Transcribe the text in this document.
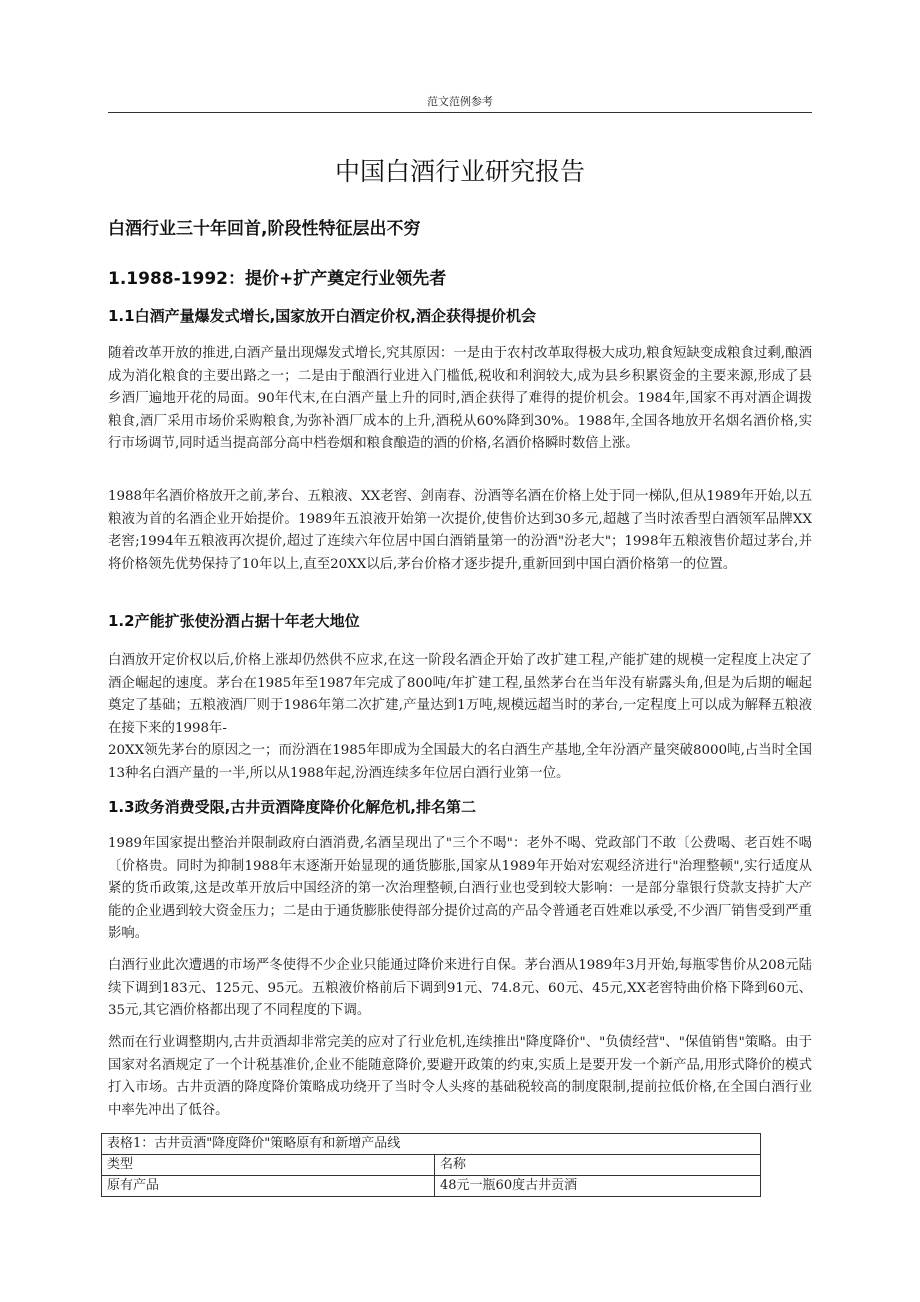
范文范例参考
中国白酒行业研究报告
白酒行业三十年回首,阶段性特征层出不穷
1.1988-1992：提价+扩产奠定行业领先者
1.1白酒产量爆发式增长,国家放开白酒定价权,酒企获得提价机会

随着改革开放的推进,白酒产量出现爆发式增长,究其原因：一是由于农村改革取得极大成功,粮食短缺变成粮食过剩,酿酒成为消化粮食的主要出路之一；二是由于酿酒行业进入门槛低,税收和利润较大,成为县乡积累资金的主要来源,形成了县乡酒厂遍地开花的局面。90年代末,在白酒产量上升的同时,酒企获得了难得的提价机会。1984年,国家不再对酒企调拨粮食,酒厂采用市场价采购粮食,为弥补酒厂成本的上升,酒税从60%降到30%。1988年,全国各地放开名烟名酒价格,实行市场调节,同时适当提高部分高中档卷烟和粮食酿造的酒的价格,名酒价格瞬时数倍上涨。

1988年名酒价格放开之前,茅台、五粮液、XX老窖、剑南春、汾酒等名酒在价格上处于同一梯队,但从1989年开始,以五粮液为首的名酒企业开始提价。1989年五浪液开始第一次提价,使售价达到30多元,超越了当时浓香型白酒领军品牌XX老窖;1994年五粮液再次提价,超过了连续六年位居中国白酒销量第一的汾酒"汾老大"；1998年五粮液售价超过茅台,并将价格领先优势保持了10年以上,直至20XX以后,茅台价格才逐步提升,重新回到中国白酒价格第一的位置。

1.2产能扩张使汾酒占据十年老大地位

白酒放开定价权以后,价格上涨却仍然供不应求,在这一阶段名酒企开始了改扩建工程,产能扩建的规模一定程度上决定了酒企崛起的速度。茅台在1985年至1987年完成了800吨/年扩建工程,虽然茅台在当年没有崭露头角,但是为后期的崛起奠定了基础；五粮液酒厂则于1986年第二次扩建,产量达到1万吨,规模远超当时的茅台,一定程度上可以成为解释五粮液在接下来的1998年-

20XX领先茅台的原因之一；而汾酒在1985年即成为全国最大的名白酒生产基地,全年汾酒产量突破8000吨,占当时全国13种名白酒产量的一半,所以从1988年起,汾酒连续多年位居白酒行业第一位。

1.3政务消费受限,古井贡酒降度降价化解危机,排名第二

1989年国家提出整治并限制政府白酒消费,名酒呈现出了"三个不喝"：老外不喝、党政部门不敢〔公费喝、老百姓不喝〔价格贵。同时为抑制1988年末逐渐开始显现的通货膨胀,国家从1989年开始对宏观经济进行"治理整顿",实行适度从紧的货币政策,这是改革开放后中国经济的第一次治理整顿,白酒行业也受到较大影响：一是部分靠银行贷款支持扩大产能的企业遇到较大资金压力；二是由于通货膨胀使得部分提价过高的产品令普通老百姓难以承受,不少酒厂销售受到严重影响。

白酒行业此次遭遇的市场严冬使得不少企业只能通过降价来进行自保。茅台酒从1989年3月开始,每瓶零售价从208元陆续下调到183元、125元、95元。五粮液价格前后下调到91元、74.8元、60元、45元,XX老窖特曲价格下降到60元、35元,其它酒价格都出现了不同程度的下调。

然而在行业调整期内,古井贡酒却非常完美的应对了行业危机,连续推出"降度降价"、"负债经营"、"保值销售"策略。由于国家对名酒规定了一个计税基准价,企业不能随意降价,要避开政策的约束,实质上是要开发一个新产品,用形式降价的模式打入市场。古井贡酒的降度降价策略成功绕开了当时令人头疼的基础税较高的制度限制,提前拉低价格,在全国白酒行业中率先冲出了低谷。

表格1：古井贡酒"降度降价"策略原有和新增产品线	
类型	名称
原有产品	48元一瓶60度古井贡酒
